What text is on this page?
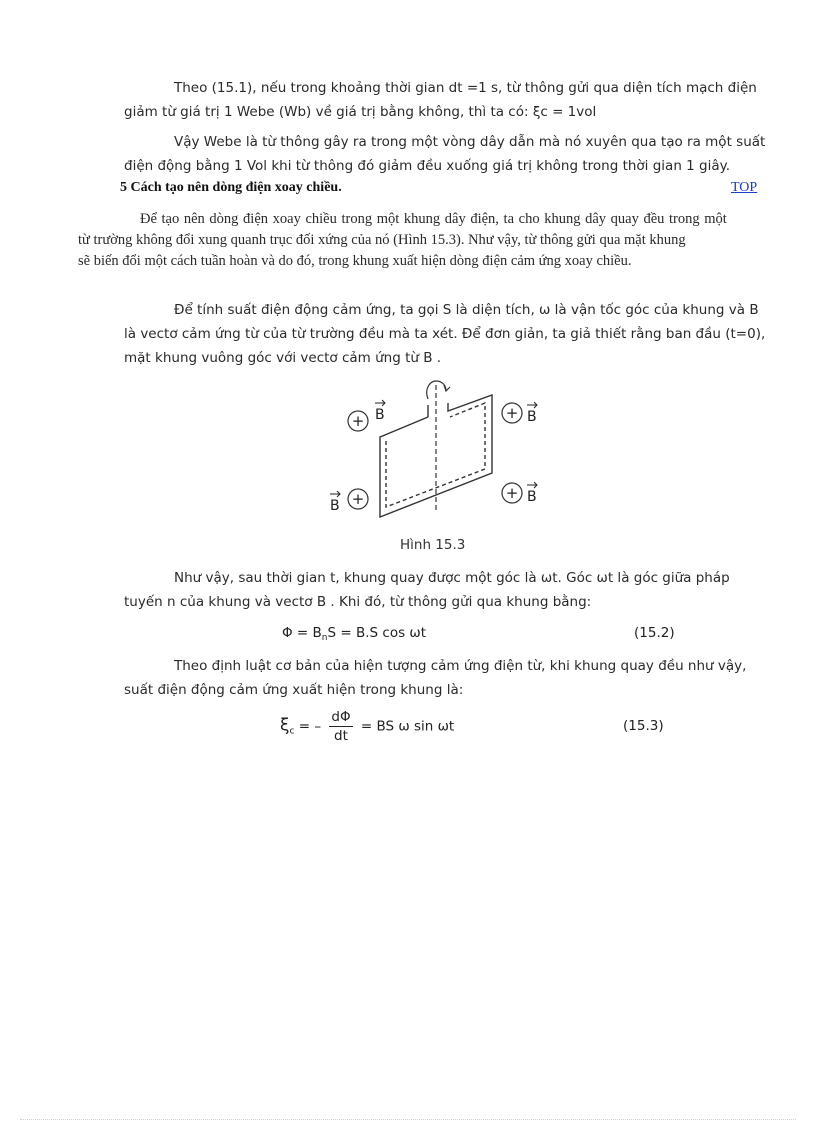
Theo (15.1), nếu trong khoảng thời gian dt =1 s, từ thông gửi qua diện tích mạch điện
giảm từ giá trị 1 Webe (Wb) về giá trị bằng không, thì ta có: ξc = 1vol
Vậy Webe là từ thông gây ra trong một vòng dây dẫn mà nó xuyên qua tạo ra một suất
điện động bằng 1 Vol khi từ thông đó giảm đều xuống giá trị không trong thời gian 1 giây.
5 Cách tạo nên dòng điện xoay chiều.	TOP
Để tạo nên dòng điện xoay chiều trong một khung dây điện, ta cho khung dây quay đều trong một
từ trường không đổi xung quanh trục đối xứng của nó (Hình 15.3). Như vậy, từ thông gửi qua mặt khung
sẽ biến đổi một cách tuần hoàn và do đó, trong khung xuất hiện dòng điện cảm ứng xoay chiều.
Để tính suất điện động cảm ứng, ta gọi S là diện tích, ω là vận tốc góc của khung và B
là vectơ cảm ứng từ của từ trường đều mà ta xét. Để đơn giản, ta giả thiết rằng ban đầu (t=0),
mặt khung vuông góc với vectơ cảm ứng từ B .
+ B	+ B
B +	+ B
Hình 15.3
Như vậy, sau thời gian t, khung quay được một góc là ωt. Góc ωt là góc giữa pháp
tuyến n của khung và vectơ B . Khi đó, từ thông gửi qua khung bằng:
$\Phi = B_nS = B.S$ cos ωt	(15.2)
Theo định luật cơ bản của hiện tượng cảm ứng điện từ, khi khung quay đều như vậy,
suất điện động cảm ứng xuất hiện trong khung là:
$\xi_c$ = – $\frac{d\Phi}{dt}$ = BS ω sin ωt	(15.3)
